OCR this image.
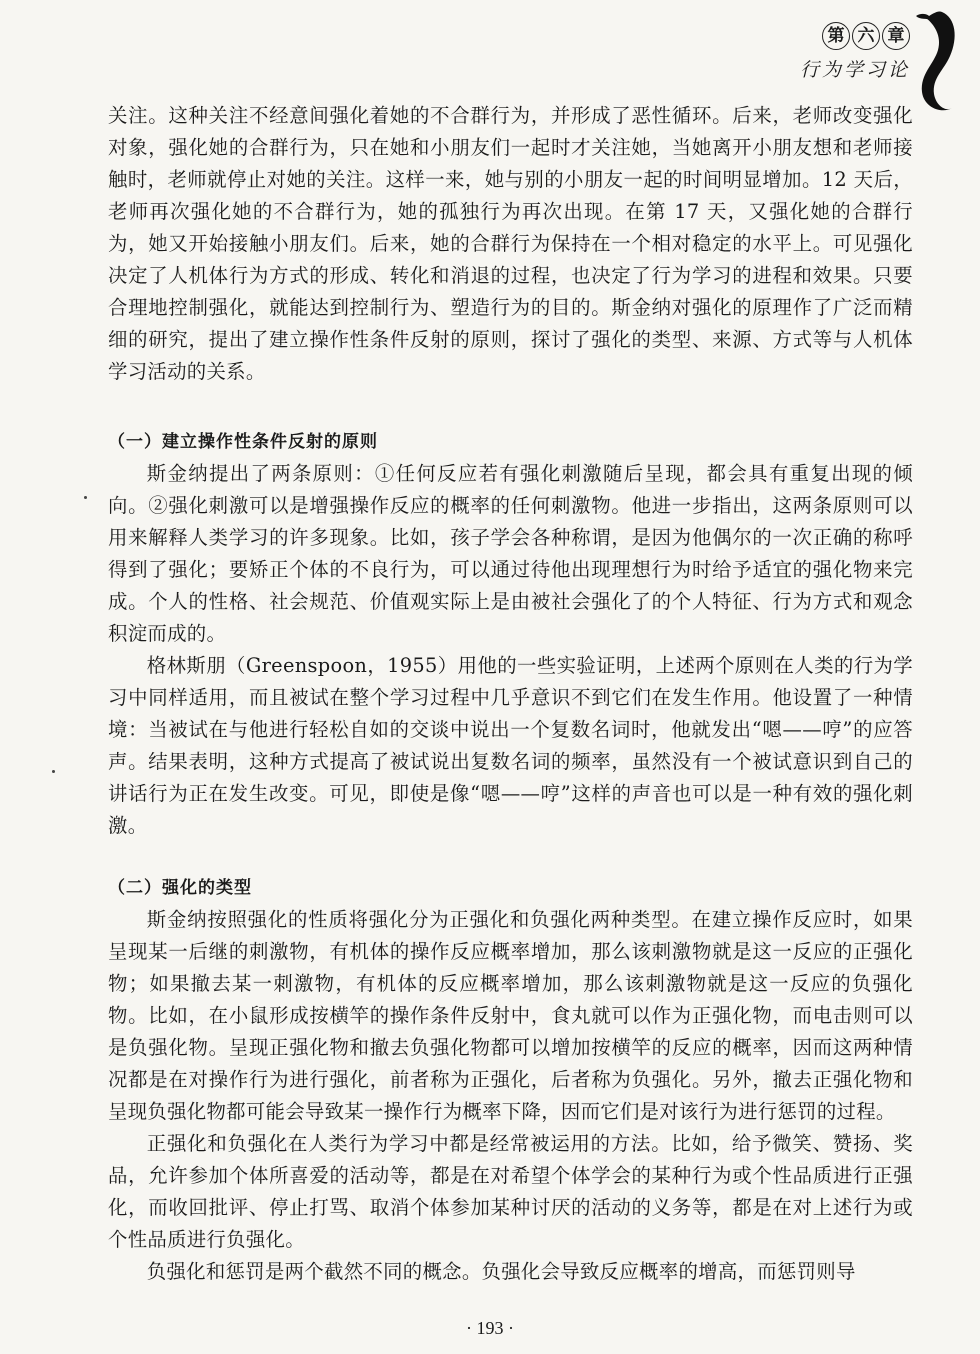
第 六 章
行为学习论

关注。这种关注不经意间强化着她的不合群行为，并形成了恶性循环。后来，老师改变强化对象，强化她的合群行为，只在她和小朋友们一起时才关注她，当她离开小朋友想和老师接触时，老师就停止对她的关注。这样一来，她与别的小朋友一起的时间明显增加。12 天后，老师再次强化她的不合群行为，她的孤独行为再次出现。在第 17 天，又强化她的合群行为，她又开始接触小朋友们。后来，她的合群行为保持在一个相对稳定的水平上。可见强化决定了人机体行为方式的形成、转化和消退的过程，也决定了行为学习的进程和效果。只要合理地控制强化，就能达到控制行为、塑造行为的目的。斯金纳对强化的原理作了广泛而精细的研究，提出了建立操作性条件反射的原则，探讨了强化的类型、来源、方式等与人机体学习活动的关系。

（一）建立操作性条件反射的原则

斯金纳提出了两条原则：①任何反应若有强化刺激随后呈现，都会具有重复出现的倾向。②强化刺激可以是增强操作反应的概率的任何刺激物。他进一步指出，这两条原则可以用来解释人类学习的许多现象。比如，孩子学会各种称谓，是因为他偶尔的一次正确的称呼得到了强化；要矫正个体的不良行为，可以通过待他出现理想行为时给予适宜的强化物来完成。个人的性格、社会规范、价值观实际上是由被社会强化了的个人特征、行为方式和观念积淀而成的。

格林斯朋（Greenspoon，1955）用他的一些实验证明，上述两个原则在人类的行为学习中同样适用，而且被试在整个学习过程中几乎意识不到它们在发生作用。他设置了一种情境：当被试在与他进行轻松自如的交谈中说出一个复数名词时，他就发出“嗯——哼”的应答声。结果表明，这种方式提高了被试说出复数名词的频率，虽然没有一个被试意识到自己的讲话行为正在发生改变。可见，即使是像“嗯——哼”这样的声音也可以是一种有效的强化刺激。

（二）强化的类型

斯金纳按照强化的性质将强化分为正强化和负强化两种类型。在建立操作反应时，如果呈现某一后继的刺激物，有机体的操作反应概率增加，那么该刺激物就是这一反应的正强化物；如果撤去某一刺激物，有机体的反应概率增加，那么该刺激物就是这一反应的负强化物。比如，在小鼠形成按横竿的操作条件反射中，食丸就可以作为正强化物，而电击则可以是负强化物。呈现正强化物和撤去负强化物都可以增加按横竿的反应的概率，因而这两种情况都是在对操作行为进行强化，前者称为正强化，后者称为负强化。另外，撤去正强化物和呈现负强化物都可能会导致某一操作行为概率下降，因而它们是对该行为进行惩罚的过程。

正强化和负强化在人类行为学习中都是经常被运用的方法。比如，给予微笑、赞扬、奖品，允许参加个体所喜爱的活动等，都是在对希望个体学会的某种行为或个性品质进行正强化，而收回批评、停止打骂、取消个体参加某种讨厌的活动的义务等，都是在对上述行为或个性品质进行负强化。

负强化和惩罚是两个截然不同的概念。负强化会导致反应概率的增高，而惩罚则导

· 193 ·
